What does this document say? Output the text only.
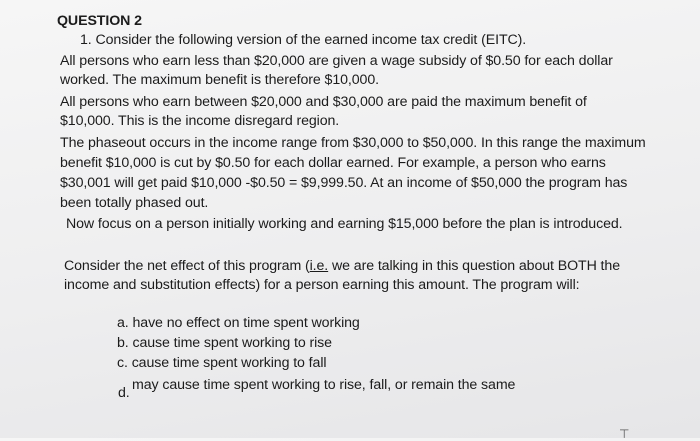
QUESTION 2
1. Consider the following version of the earned income tax credit (EITC).
All persons who earn less than $20,000 are given a wage subsidy of $0.50 for each dollar
worked. The maximum benefit is therefore $10,000.
All persons who earn between $20,000 and $30,000 are paid the maximum benefit of
$10,000. This is the income disregard region.
The phaseout occurs in the income range from $30,000 to $50,000. In this range the maximum
benefit $10,000 is cut by $0.50 for each dollar earned. For example, a person who earns
$30,001 will get paid $10,000 -$0.50 = $9,999.50. At an income of $50,000 the program has
been totally phased out.
Now focus on a person initially working and earning $15,000 before the plan is introduced.
Consider the net effect of this program (i.e. we are talking in this question about BOTH the
income and substitution effects) for a person earning this amount. The program will:
a. have no effect on time spent working
b. cause time spent working to rise
c. cause time spent working to fall
d. may cause time spent working to rise, fall, or remain the same
⊤
